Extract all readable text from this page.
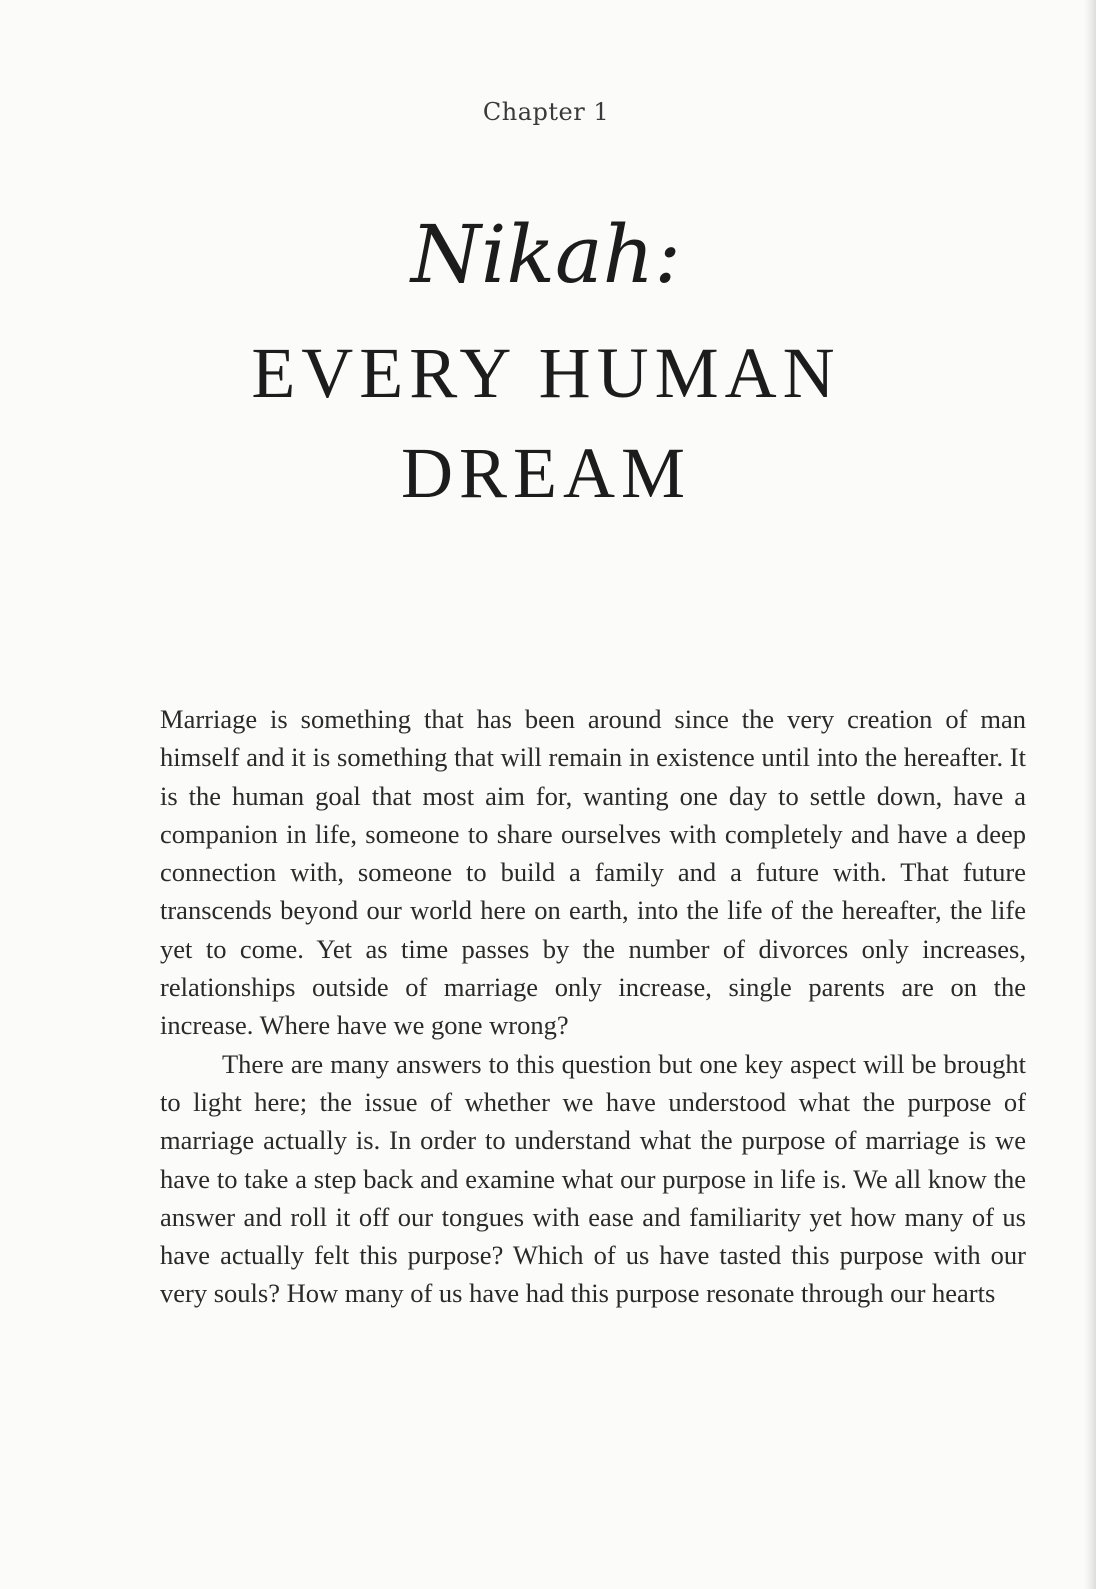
Chapter 1
Nikah:
EVERY HUMAN
DREAM

Marriage is something that has been around since the very creation of man himself and it is something that will remain in existence until into the hereafter. It is the human goal that most aim for, wanting one day to settle down, have a companion in life, someone to share ourselves with completely and have a deep connection with, someone to build a family and a future with. That future transcends beyond our world here on earth, into the life of the hereafter, the life yet to come. Yet as time passes by the number of divorces only increases, relationships outside of marriage only increase, single parents are on the increase. Where have we gone wrong?

There are many answers to this question but one key aspect will be brought to light here; the issue of whether we have understood what the purpose of marriage actually is. In order to understand what the purpose of marriage is we have to take a step back and examine what our purpose in life is. We all know the answer and roll it off our tongues with ease and familiarity yet how many of us have actually felt this purpose? Which of us have tasted this purpose with our very souls? How many of us have had this purpose resonate through our hearts
